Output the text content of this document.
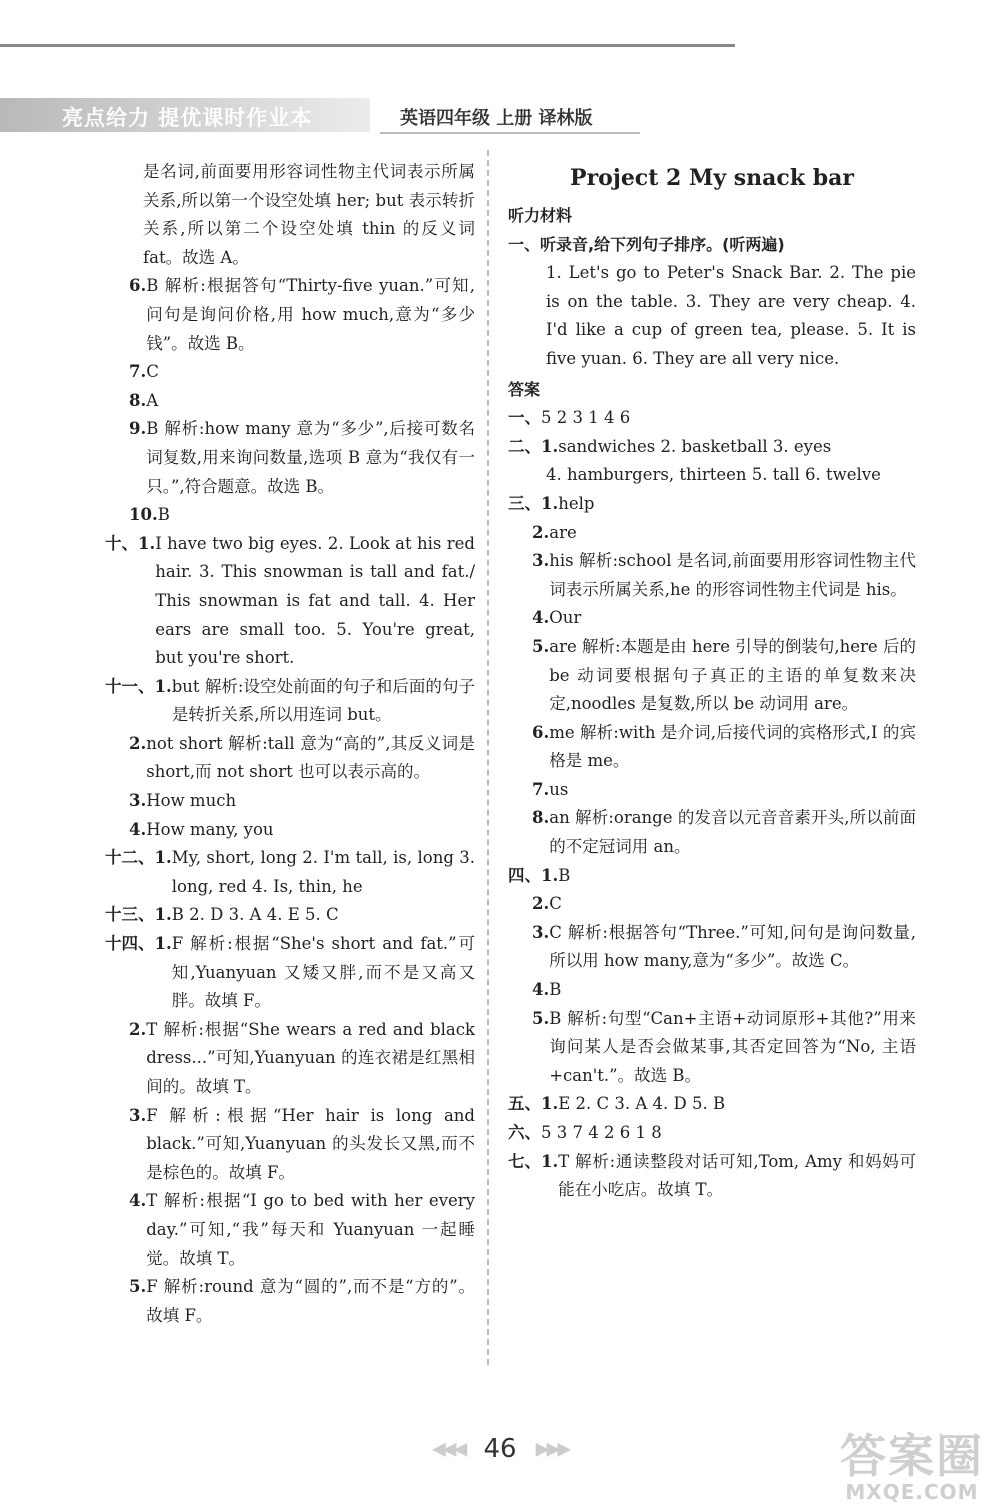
亮点给力 提优课时作业本	英语四年级 上册 译林版
是名词,前面要用形容词性物主代词表示所属关系,所以第一个设空处填 her; but 表示转折关系,所以第二个设空处填 thin 的反义词 fat。故选 A。
6. B 解析:根据答句“Thirty-five yuan.”可知,问句是询问价格,用 how much,意为“多少钱”。故选 B。
7. C
8. A
9. B 解析:how many 意为“多少”,后接可数名词复数,用来询问数量,选项 B 意为“我仅有一只。”,符合题意。故选 B。
10. B
十、1. I have two big eyes. 2. Look at his red hair. 3. This snowman is tall and fat./ This snowman is fat and tall. 4. Her ears are small too. 5. You're great, but you're short.
十一、1. but 解析:设空处前面的句子和后面的句子是转折关系,所以用连词 but。
2. not short 解析:tall 意为“高的”,其反义词是 short,而 not short 也可以表示高的。
3. How much
4. How many, you
十二、1. My, short, long 2. I'm tall, is, long 3. long, red 4. Is, thin, he
十三、1. B 2. D 3. A 4. E 5. C
十四、1. F 解析:根据“She's short and fat.”可知,Yuanyuan 又矮又胖,而不是又高又胖。故填 F。
2. T 解析:根据“She wears a red and black dress...”可知,Yuanyuan 的连衣裙是红黑相间的。故填 T。
3. F 解析:根据“Her hair is long and black.”可知,Yuanyuan 的头发长又黑,而不是棕色的。故填 F。
4. T 解析:根据“I go to bed with her every day.”可知,“我”每天和 Yuanyuan 一起睡觉。故填 T。
5. F 解析:round 意为“圆的”,而不是“方的”。故填 F。
Project 2 My snack bar
听力材料
一、听录音,给下列句子排序。(听两遍)
1. Let's go to Peter's Snack Bar. 2. The pie is on the table. 3. They are very cheap. 4. I'd like a cup of green tea, please. 5. It is five yuan. 6. They are all very nice.
答案
一、 5 2 3 1 4 6
二、1. sandwiches 2. basketball 3. eyes
4. hamburgers, thirteen 5. tall 6. twelve
三、1. help
2. are
3. his 解析:school 是名词,前面要用形容词性物主代词表示所属关系,he 的形容词性物主代词是 his。
4. Our
5. are 解析:本题是由 here 引导的倒装句,here 后的 be 动词要根据句子真正的主语的单复数来决定,noodles 是复数,所以 be 动词用 are。
6. me 解析:with 是介词,后接代词的宾格形式,I 的宾格是 me。
7. us
8. an 解析:orange 的发音以元音音素开头,所以前面的不定冠词用 an。
四、1. B
2. C
3. C 解析:根据答句“Three.”可知,问句是询问数量,所以用 how many,意为“多少”。故选 C。
4. B
5. B 解析:句型“Can+主语+动词原形+其他?”用来询问某人是否会做某事,其否定回答为“No, 主语+can't.”。故选 B。
五、1. E 2. C 3. A 4. D 5. B
六、 5 3 7 4 2 6 1 8
七、1. T 解析:通读整段对话可知,Tom, Amy 和妈妈可能在小吃店。故填 T。
◀◀◀ 46 ▶▶▶	答案圈
MXQE.COM
